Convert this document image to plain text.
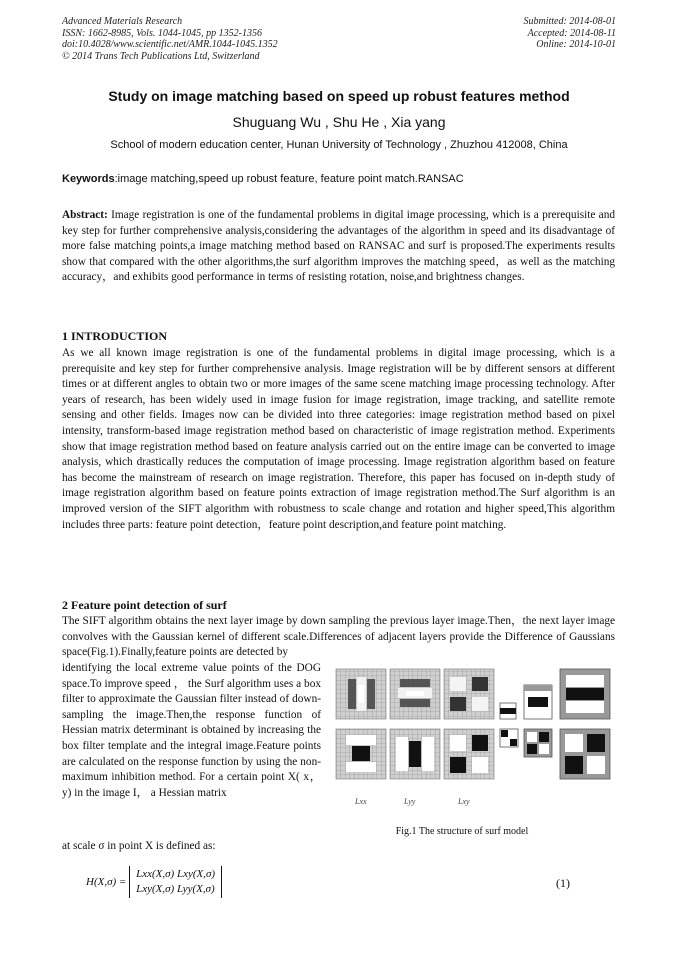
Advanced Materials Research
ISSN: 1662-8985, Vols. 1044-1045, pp 1352-1356
doi:10.4028/www.scientific.net/AMR.1044-1045.1352
© 2014 Trans Tech Publications Ltd, Switzerland
Submitted: 2014-08-01
Accepted: 2014-08-11
Online: 2014-10-01
Study on image matching based on speed up robust features method
Shuguang Wu , Shu He , Xia yang
School of modern education center, Hunan University of Technology , Zhuzhou 412008, China
Keywords:image matching,speed up robust feature, feature point match.RANSAC
Abstract: Image registration is one of the fundamental problems in digital image processing, which is a prerequisite and key step for further comprehensive analysis,considering the advantages of the algorithm in speed and its disadvantage of more false matching points,a image matching method based on RANSAC and surf is proposed.The experiments results show that compared with the other algorithms,the surf algorithm improves the matching speed，as well as the matching accuracy，and exhibits good performance in terms of resisting rotation, noise,and brightness changes.
1 INTRODUCTION
As we all known image registration is one of the fundamental problems in digital image processing, which is a prerequisite and key step for further comprehensive analysis. Image registration will be by different sensors at different times or at different angles to obtain two or more images of the same scene matching image processing technology. After years of research, has been widely used in image fusion for image registration, image tracking, and satellite remote sensing and other fields. Images now can be divided into three categories: image registration method based on pixel intensity, transform-based image registration method based on characteristic of image registration method. Experiments show that image registration method based on feature analysis carried out on the entire image can be converted to image analysis, which drastically reduces the computation of image processing. Image registration algorithm based on feature has become the mainstream of research on image registration. Therefore, this paper has focused on in-depth study of image registration algorithm based on feature points extraction of image registration method.The Surf algorithm is an improved version of the SIFT algorithm with robustness to scale change and rotation and higher speed,This algorithm includes three parts: feature point detection，feature point description,and feature point matching.
2 Feature point detection of surf
The SIFT algorithm obtains the next layer image by down sampling the previous layer image.Then，the next layer image convolves with the Gaussian kernel of different scale.Differences of adjacent layers provide the Difference of Gaussians space(Fig.1).Finally,feature points are detected by
identifying the local extreme value points of the DOG space.To improve speed ， the Surf algorithm uses a box filter to approximate the Gaussian filter instead of down-sampling the image.Then,the response function of Hessian matrix determinant is obtained by increasing the box filter template and the integral image.Feature points are calculated on the response function by using the non-maximum inhibition method. For a certain point X( x， y) in the image I， a Hessian matrix
at scale σ in point X is defined as:
Lxx	Lyy	Lxy
Fig.1 The structure of surf model
H(X,σ) =
Lxx(X,σ) Lxy(X,σ)
Lxy(X,σ) Lyy(X,σ)	(1)
